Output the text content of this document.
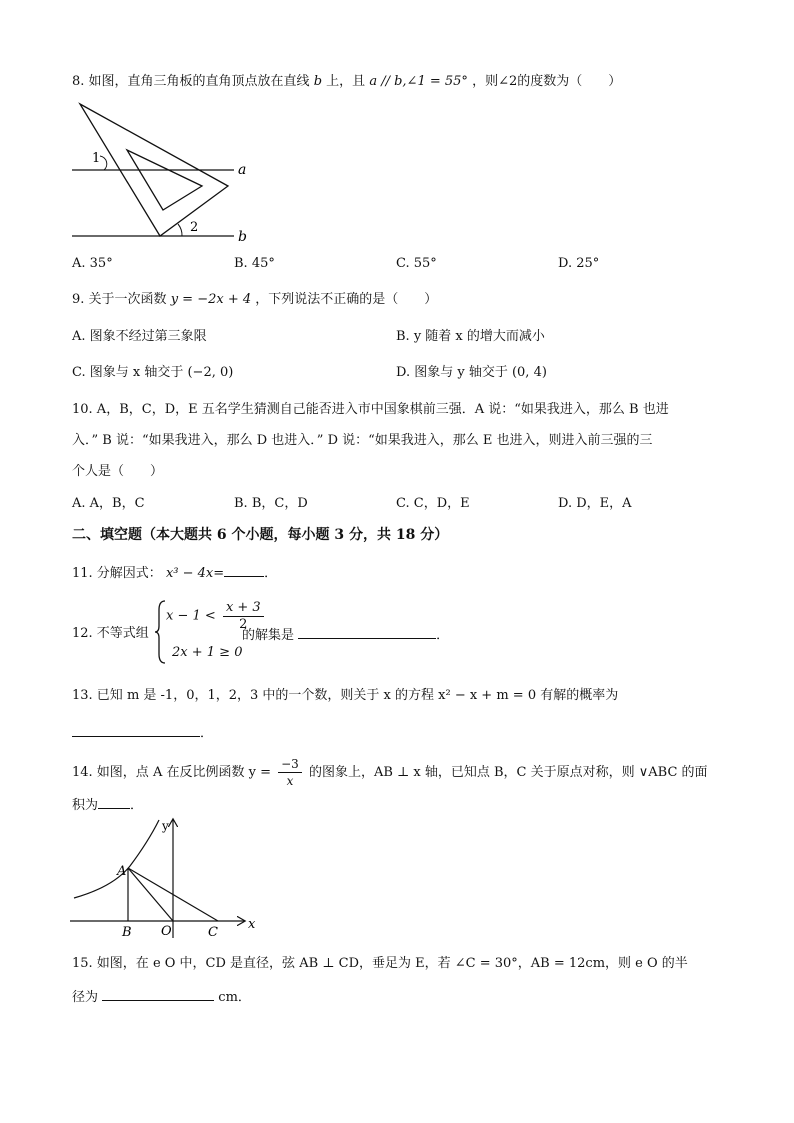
8. 如图，直角三角板的直角顶点放在直线 b 上，且 a // b,∠1 = 55° ，则∠2的度数为（　　）
1
2
a
b
A. 35°	B. 45°	C. 55°	D. 25°
9. 关于一次函数 y = −2x + 4 ，下列说法不正确的是（　　）
A. 图象不经过第三象限	B. y 随着 x 的增大而减小
C. 图象与 x 轴交于 (−2, 0)	D. 图象与 y 轴交于 (0, 4)
10. A，B，C，D，E 五名学生猜测自己能否进入市中国象棋前三强．A 说：“如果我进入，那么 B 也进
入．” B 说：“如果我进入，那么 D 也进入．” D 说：“如果我进入，那么 E 也进入，则进入前三强的三
个人是（　　）
A. A，B，C	B. B，C，D	C. C，D，E	D. D，E，A
二、填空题（本大题共 6 个小题，每小题 3 分，共 18 分）
11. 分解因式： x³ − 4x=	．
12. 不等式组
$x - 1 < \frac{x + 3}{2}$
2x + 1 ≥ 0
的解集是	．
13. 已知 m 是 -1，0，1，2，3 中的一个数，则关于 x 的方程 x² − x + m = 0 有解的概率为
．
14. 如图，点 A 在反比例函数 $y = \frac{-3}{x}$ 的图象上，AB ⊥ x 轴，已知点 B，C 关于原点对称，则 ∨ABC 的面
积为 ．
y
x
A
B O	C
15. 如图，在 e O 中，CD 是直径，弦 AB ⊥ CD，垂足为 E，若 ∠C = 30°，AB = 12cm，则 e O 的半
径为	cm．
